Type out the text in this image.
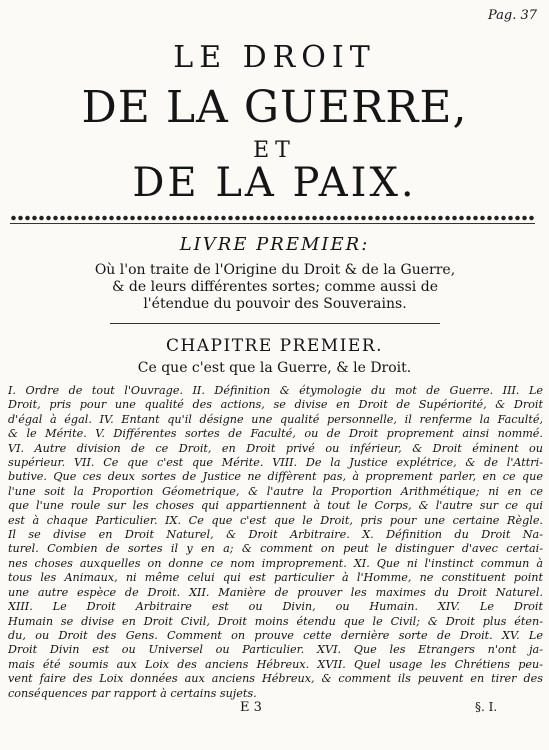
Pag. 37
LE DROIT
DE LA GUERRE,
ET
DE LA PAIX.
LIVRE PREMIER:
Où l'on traite de l'Origine du Droit & de la Guerre,
& de leurs différentes sortes; comme aussi de
l'étendue du pouvoir des Souverains.
CHAPITRE PREMIER.
Ce que c'est que la Guerre, & le Droit.
I. Ordre de tout l'Ouvrage. II. Définition & étymologie du mot de Guerre. III. Le
Droit, pris pour une qualité des actions, se divise en Droit de Supériorité, & Droit
d'égal à égal. IV. Entant qu'il désigne une qualité personnelle, il renferme la Faculté,
& le Mérite. V. Différentes sortes de Faculté, ou de Droit proprement ainsi nommé.
VI. Autre division de ce Droit, en Droit privé ou inférieur, & Droit éminent ou
supérieur. VII. Ce que c'est que Mérite. VIII. De la Justice explétrice, & de l'Attri-
butive. Que ces deux sortes de Justice ne diffèrent pas, à proprement parler, en ce que
l'une soit la Proportion Géometrique, & l'autre la Proportion Arithmétique; ni en ce
que l'une roule sur les choses qui appartiennent à tout le Corps, & l'autre sur ce qui
est à chaque Particulier. IX. Ce que c'est que le Droit, pris pour une certaine Règle.
Il se divise en Droit Naturel, & Droit Arbitraire. X. Définition du Droit Na-
turel. Combien de sortes il y en a; & comment on peut le distinguer d'avec certai-
nes choses auxquelles on donne ce nom improprement. XI. Que ni l'instinct commun à
tous les Animaux, ni même celui qui est particulier à l'Homme, ne constituent point
une autre espèce de Droit. XII. Manière de prouver les maximes du Droit Naturel.
XIII. Le Droit Arbitraire est ou Divin, ou Humain. XIV. Le Droit
Humain se divise en Droit Civil, Droit moins étendu que le Civil; & Droit plus éten-
du, ou Droit des Gens. Comment on prouve cette dernière sorte de Droit. XV. Le
Droit Divin est ou Universel ou Particulier. XVI. Que les Etrangers n'ont ja-
mais été soumis aux Loix des anciens Hébreux. XVII. Quel usage les Chrétiens peu-
vent faire des Loix données aux anciens Hébreux, & comment ils peuvent en tirer des
conséquences par rapport à certains sujets.
E 3	§. I.
